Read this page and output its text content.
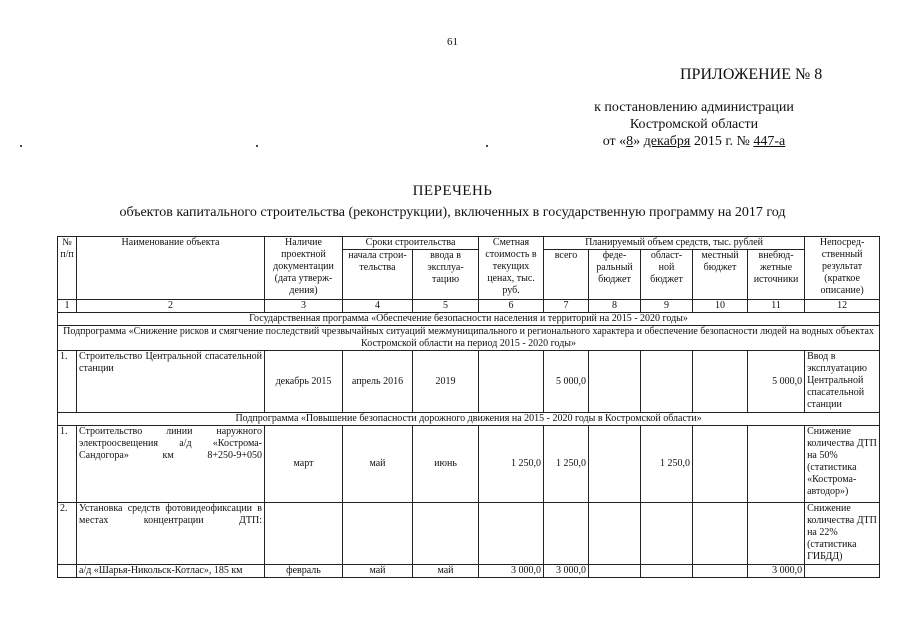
61
ПРИЛОЖЕНИЕ № 8
к постановлению администрации
Костромской области
от «8» декабря 2015 г. № 447-а
ПЕРЕЧЕНЬ
объектов капитального строительства (реконструкции), включенных в государственную программу на 2017 год
№ п/п	Наименование объекта	Наличие проектной документации (дата утверж-дения)	Сроки строительства		Сметная стоимость в текущих ценах, тыс. руб.	Планируемый объем средств, тыс. рублей					Непосред-ственный результат (краткое описание)
			начала строи-тельства	ввода в эксплуа-тацию		всего	феде-ральный бюджет	област-ной бюджет	местный бюджет	внебюд-жетные источники	
1	2	3	4	5	6	7	8	9	10	11	12
Государственная программа «Обеспечение безопасности населения и территорий на 2015 - 2020 годы»											
Подпрограмма «Снижение рисков и смягчение последствий чрезвычайных ситуаций межмуниципального и регионального характера и обеспечение безопасности людей на водных объектах Костромской области на период 2015 - 2020 годы»											
1.	Строительство Центральной спасательной станции	декабрь 2015	апрель 2016	2019		5 000,0				5 000,0	Ввод в эксплуатацию Центральной спасательной станции
Подпрограмма «Повышение безопасности дорожного движения на 2015 - 2020 годы в Костромской области»											
1.	Строительство линии наружного электроосвещения а/д «Кострома-Сандогора» км 8+250-9+050	март	май	июнь	1 250,0	1 250,0		1 250,0			Снижение количества ДТП на 50% (статистика «Кострома-автодор»)
2.	Установка средств фотовидеофиксации в местах концентрации ДТП:										Снижение количества ДТП на 22% (статистика ГИБДД)
	а/д «Шарья-Никольск-Котлас», 185 км	февраль	май	май	3 000,0	3 000,0				3 000,0	
